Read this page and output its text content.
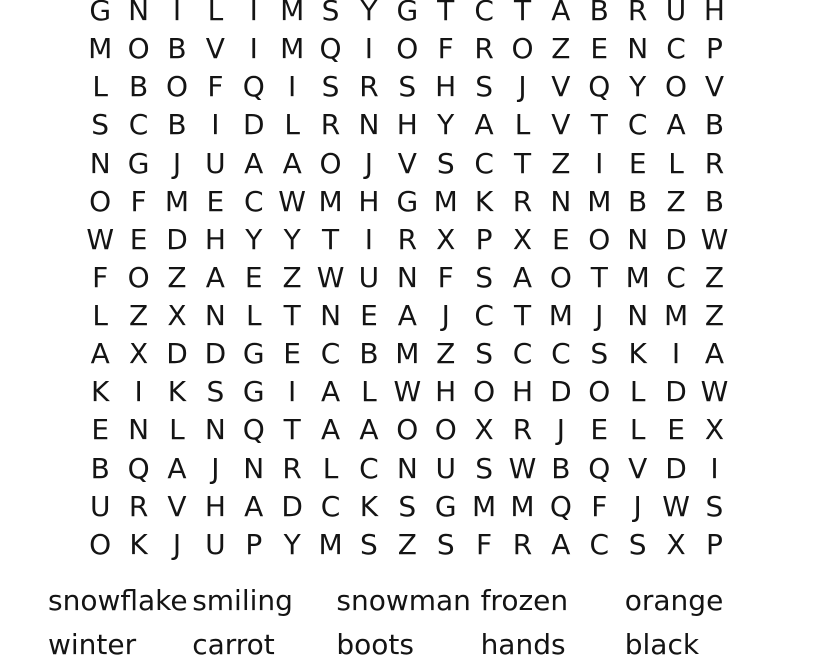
G N I L I M S Y G T C T A B R U H
M O B V I M Q I O F R O Z E N C P
L B O F Q I S R S H S J V Q Y O V
S C B I D L R N H Y A L V T C A B
N G J U A A O J V S C T Z I E L R
O F M E C W M H G M K R N M B Z B
W E D H Y Y T I R X P X E O N D W
F O Z A E Z W U N F S A O T M C Z
L Z X N L T N E A J C T M J N M Z
A X D D G E C B M Z S C C S K I A
K I K S G I A L W H O H D O L D W
E N L N Q T A A O O X R J E L E X
B Q A J N R L C N U S W B Q V D I
U R V H A D C K S G M M Q F J W S
O K J U P Y M S Z S F R A C S X P
snowflake smiling snowman frozen orange
winter carrot boots hands black
